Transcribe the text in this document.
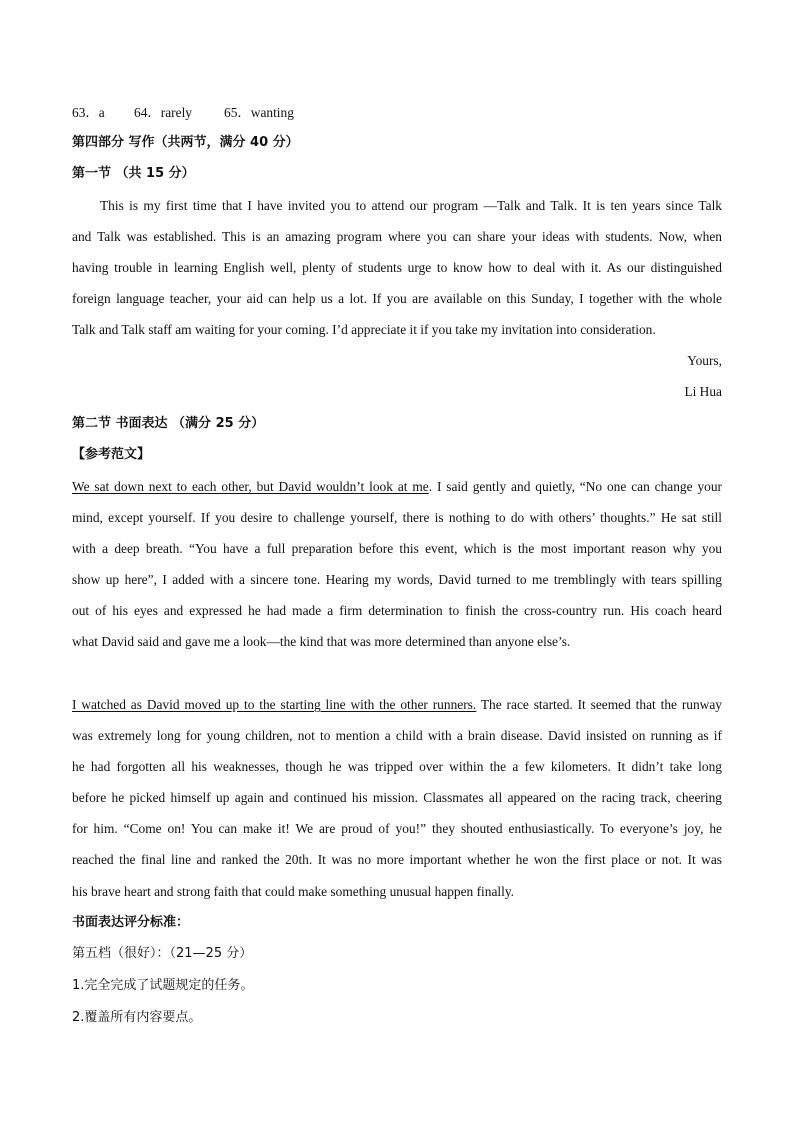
63．a 64．rarely 65．wanting
第四部分 写作（共两节，满分 40 分）
第一节 （共 15 分）
This is my first time that I have invited you to attend our program —Talk and Talk. It is ten years since Talk
and Talk was established. This is an amazing program where you can share your ideas with students. Now, when
having trouble in learning English well, plenty of students urge to know how to deal with it. As our distinguished
foreign language teacher, your aid can help us a lot. If you are available on this Sunday, I together with the whole
Talk and Talk staff am waiting for your coming. I’d appreciate it if you take my invitation into consideration.
Yours,
Li Hua
第二节 书面表达 （满分 25 分）
【参考范文】
We sat down next to each other, but David wouldn’t look at me. I said gently and quietly, “No one can change your
mind, except yourself. If you desire to challenge yourself, there is nothing to do with others’ thoughts.” He sat still
with a deep breath. “You have a full preparation before this event, which is the most important reason why you
show up here”, I added with a sincere tone. Hearing my words, David turned to me tremblingly with tears spilling
out of his eyes and expressed he had made a firm determination to finish the cross-country run. His coach heard
what David said and gave me a look—the kind that was more determined than anyone else’s.
I watched as David moved up to the starting line with the other runners. The race started. It seemed that the runway
was extremely long for young children, not to mention a child with a brain disease. David insisted on running as if
he had forgotten all his weaknesses, though he was tripped over within the a few kilometers. It didn’t take long
before he picked himself up again and continued his mission. Classmates all appeared on the racing track, cheering
for him. “Come on! You can make it! We are proud of you!” they shouted enthusiastically. To everyone’s joy, he
reached the final line and ranked the 20th. It was no more important whether he won the first place or not. It was
his brave heart and strong faith that could make something unusual happen finally.
书面表达评分标准：
第五档（很好）：（21—25 分）
1.完全完成了试题规定的任务。
2.覆盖所有内容要点。
